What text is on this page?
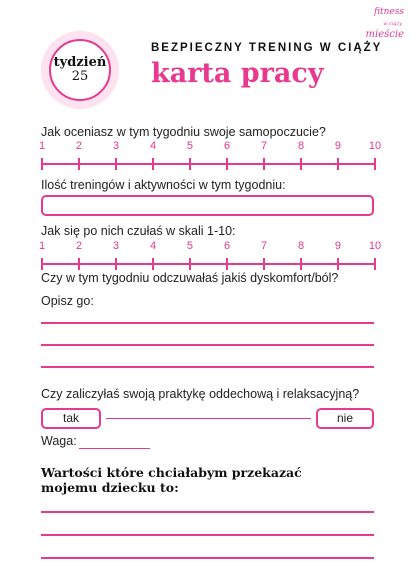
fitness
w ciążymieście
tydzień
25
BEZPIECZNY TRENING W CIĄŻY
karta pracy
Jak oceniasz w tym tygodniu swoje samopoczucie?
1	2	3	4	5	6	7	8	9	10
Ilość treningów i aktywności w tym tygodniu:
Jak się po nich czułaś w skali 1-10:
1	2	3	4	5	6	7	8	9	10
Czy w tym tygodniu odczuwałaś jakiś dyskomfort/ból?
Opisz go:
Czy zaliczyłaś swoją praktykę oddechową i relaksacyjną?
tak	nie
Waga:
Wartości które chciałabym przekazać mojemu dziecku to:
